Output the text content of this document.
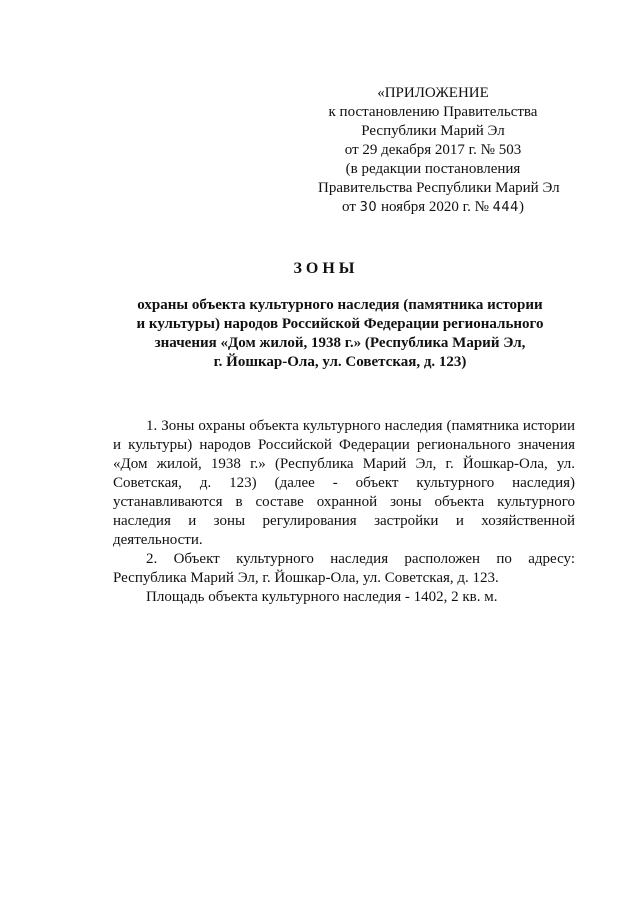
«ПРИЛОЖЕНИЕ
к постановлению Правительства
Республики Марий Эл
от 29 декабря 2017 г. № 503
(в редакции постановления
Правительства Республики Марий Эл
от 30 ноября 2020 г. № 444)
ЗОНЫ
охраны объекта культурного наследия (памятника истории
и культуры) народов Российской Федерации регионального
значения «Дом жилой, 1938 г.» (Республика Марий Эл,
г. Йошкар-Ола, ул. Советская, д. 123)

1. Зоны охраны объекта культурного наследия (памятника истории и культуры) народов Российской Федерации регионального значения «Дом жилой, 1938 г.» (Республика Марий Эл, г. Йошкар-Ола, ул. Советская, д. 123) (далее - объект культурного наследия) устанавливаются в составе охранной зоны объекта культурного наследия и зоны регулирования застройки и хозяйственной деятельности.

2. Объект культурного наследия расположен по адресу: Республика Марий Эл, г. Йошкар-Ола, ул. Советская, д. 123.

Площадь объекта культурного наследия - 1402, 2 кв. м.
